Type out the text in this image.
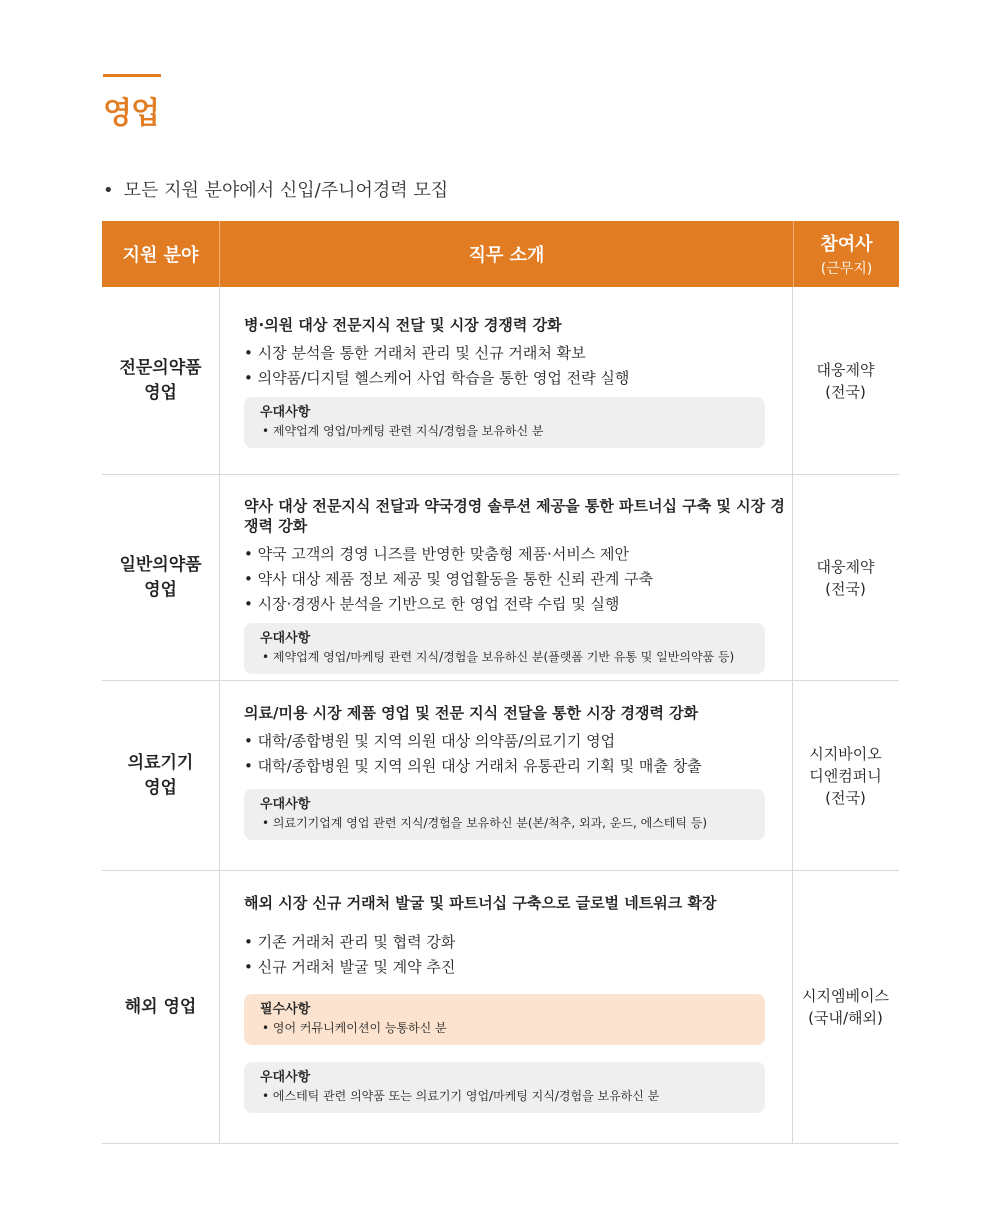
영업
• 모든 지원 분야에서 신입/주니어경력 모집
지원 분야	직무 소개
참여사
(근무지)
전문의약품
영업
병·의원 대상 전문지식 전달 및 시장 경쟁력 강화
• 시장 분석을 통한 거래처 관리 및 신규 거래처 확보
• 의약품/디지털 헬스케어 사업 학습을 통한 영업 전략 실행
우대사항
• 제약업계 영업/마케팅 관련 지식/경험을 보유하신 분
대웅제약
(전국)
일반의약품
영업
약사 대상 전문지식 전달과 약국경영 솔루션 제공을 통한 파트너십 구축 및 시장 경쟁력 강화
• 약국 고객의 경영 니즈를 반영한 맞춤형 제품·서비스 제안
• 약사 대상 제품 정보 제공 및 영업활동을 통한 신뢰 관계 구축
• 시장·경쟁사 분석을 기반으로 한 영업 전략 수립 및 실행
우대사항
• 제약업계 영업/마케팅 관련 지식/경험을 보유하신 분(플랫폼 기반 유통 및 일반의약품 등)
대웅제약
(전국)
의료기기
영업
의료/미용 시장 제품 영업 및 전문 지식 전달을 통한 시장 경쟁력 강화
• 대학/종합병원 및 지역 의원 대상 의약품/의료기기 영업
• 대학/종합병원 및 지역 의원 대상 거래처 유통관리 기획 및 매출 창출
우대사항
• 의료기기업계 영업 관련 지식/경험을 보유하신 분(본/척추, 외과, 운드, 에스테틱 등)
시지바이오
디엔컴퍼니
(전국)
해외 영업
해외 시장 신규 거래처 발굴 및 파트너십 구축으로 글로벌 네트워크 확장
• 기존 거래처 관리 및 협력 강화
• 신규 거래처 발굴 및 계약 추진
필수사항
• 영어 커뮤니케이션이 능통하신 분
우대사항
• 에스테틱 관련 의약품 또는 의료기기 영업/마케팅 지식/경험을 보유하신 분
시지엠베이스
(국내/해외)
